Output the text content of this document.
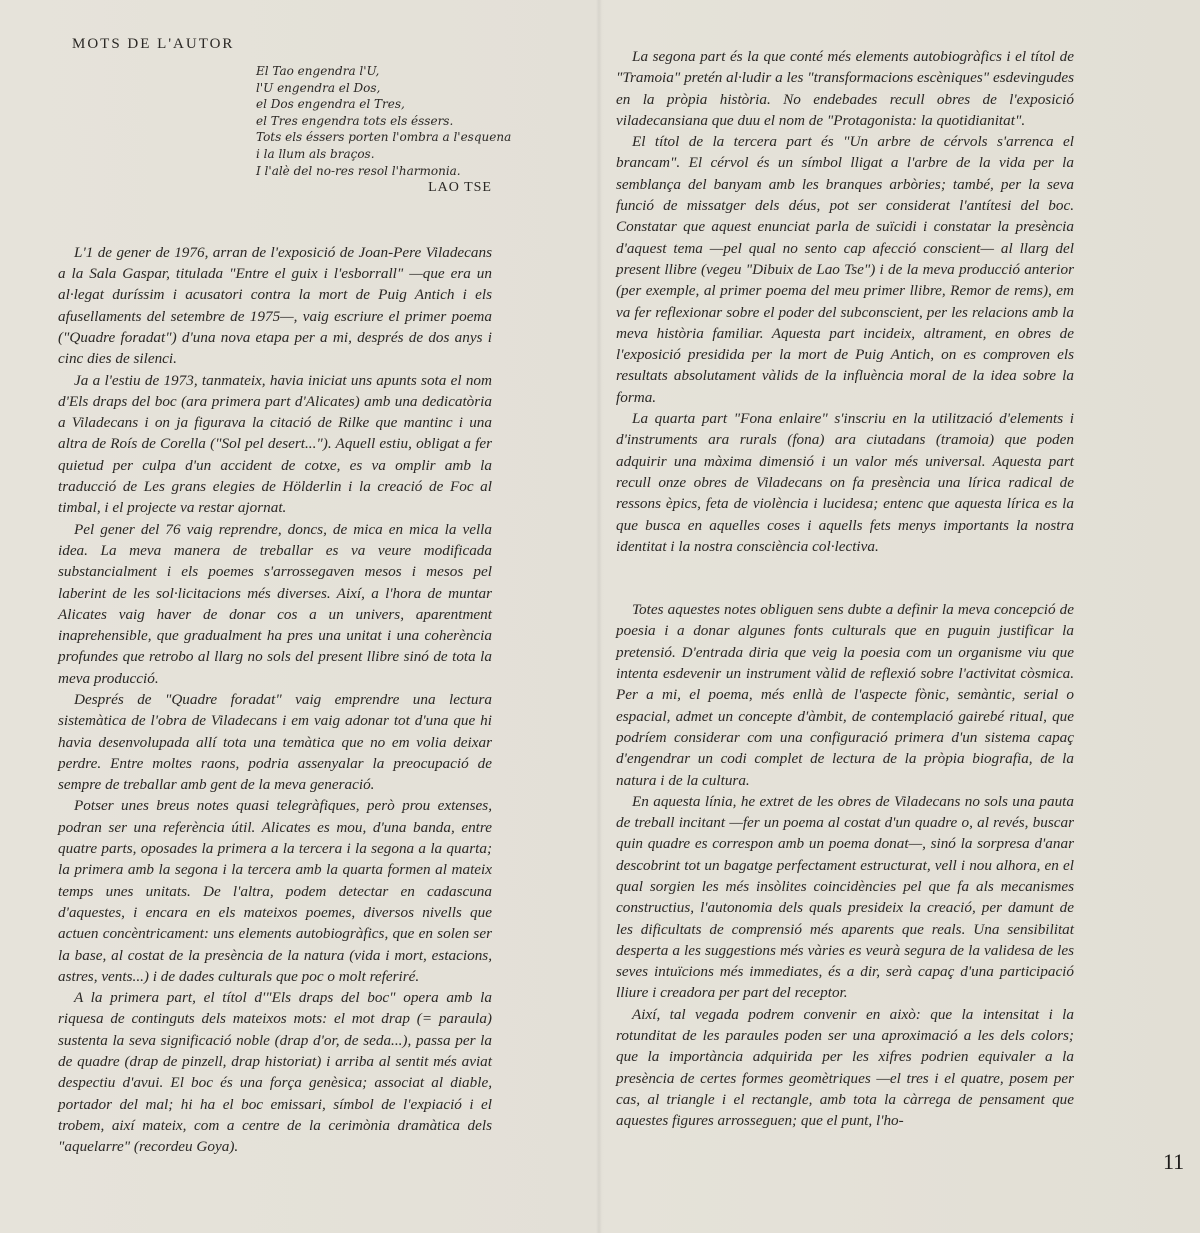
MOTS DE L'AUTOR
El Tao engendra l'U,
l'U engendra el Dos,
el Dos engendra el Tres,
el Tres engendra tots els éssers.
Tots els éssers porten l'ombra a l'esquena
i la llum als braços.
I l'alè del no-res resol l'harmonia.
LAO TSE

L'1 de gener de 1976, arran de l'exposició de Joan-Pere Viladecans a la Sala Gaspar, titulada "Entre el guix i l'esborrall" —que era un al·legat duríssim i acusatori contra la mort de Puig Antich i els afusellaments del setembre de 1975—, vaig escriure el primer poema ("Quadre foradat") d'una nova etapa per a mi, després de dos anys i cinc dies de silenci.

Ja a l'estiu de 1973, tanmateix, havia iniciat uns apunts sota el nom d'Els draps del boc (ara primera part d'Alicates) amb una dedicatòria a Viladecans i on ja figurava la citació de Rilke que mantinc i una altra de Roís de Corella ("Sol pel desert..."). Aquell estiu, obligat a fer quietud per culpa d'un accident de cotxe, es va omplir amb la traducció de Les grans elegies de Hölderlin i la creació de Foc al timbal, i el projecte va restar ajornat.

Pel gener del 76 vaig reprendre, doncs, de mica en mica la vella idea. La meva manera de treballar es va veure modificada substancialment i els poemes s'arrossegaven mesos i mesos pel laberint de les sol·licitacions més diverses. Així, a l'hora de muntar Alicates vaig haver de donar cos a un univers, aparentment inaprehensible, que gradualment ha pres una unitat i una coherència profundes que retrobo al llarg no sols del present llibre sinó de tota la meva producció.

Després de "Quadre foradat" vaig emprendre una lectura sistemàtica de l'obra de Viladecans i em vaig adonar tot d'una que hi havia desenvolupada allí tota una temàtica que no em volia deixar perdre. Entre moltes raons, podria assenyalar la preocupació de sempre de treballar amb gent de la meva generació.

Potser unes breus notes quasi telegràfiques, però prou extenses, podran ser una referència útil. Alicates es mou, d'una banda, entre quatre parts, oposades la primera a la tercera i la segona a la quarta; la primera amb la segona i la tercera amb la quarta formen al mateix temps unes unitats. De l'altra, podem detectar en cadascuna d'aquestes, i encara en els mateixos poemes, diversos nivells que actuen concèntricament: uns elements autobiogràfics, que en solen ser la base, al costat de la presència de la natura (vida i mort, estacions, astres, vents...) i de dades culturals que poc o molt referiré.

A la primera part, el títol d'"Els draps del boc" opera amb la riquesa de continguts dels mateixos mots: el mot drap (= paraula) sustenta la seva significació noble (drap d'or, de seda...), passa per la de quadre (drap de pinzell, drap historiat) i arriba al sentit més aviat despectiu d'avui. El boc és una força genèsica; associat al diable, portador del mal; hi ha el boc emissari, símbol de l'expiació i el trobem, així mateix, com a centre de la cerimònia dramàtica dels "aquelarre" (recordeu Goya).

La segona part és la que conté més elements autobiogràfics i el títol de "Tramoia" pretén al·ludir a les "transformacions escèniques" esdevingudes en la pròpia història. No endebades recull obres de l'exposició viladecansiana que duu el nom de "Protagonista: la quotidianitat".

El títol de la tercera part és "Un arbre de cérvols s'arrenca el brancam". El cérvol és un símbol lligat a l'arbre de la vida per la semblança del banyam amb les branques arbòries; també, per la seva funció de missatger dels déus, pot ser considerat l'antítesi del boc. Constatar que aquest enunciat parla de suïcidi i constatar la presència d'aquest tema —pel qual no sento cap afecció conscient— al llarg del present llibre (vegeu "Dibuix de Lao Tse") i de la meva producció anterior (per exemple, al primer poema del meu primer llibre, Remor de rems), em va fer reflexionar sobre el poder del subconscient, per les relacions amb la meva història familiar. Aquesta part incideix, altrament, en obres de l'exposició presidida per la mort de Puig Antich, on es comproven els resultats absolutament vàlids de la influència moral de la idea sobre la forma.

La quarta part "Fona enlaire" s'inscriu en la utilització d'elements i d'instruments ara rurals (fona) ara ciutadans (tramoia) que poden adquirir una màxima dimensió i un valor més universal. Aquesta part recull onze obres de Viladecans on fa presència una lírica radical de ressons èpics, feta de violència i lucidesa; entenc que aquesta lírica es la que busca en aquelles coses i aquells fets menys importants la nostra identitat i la nostra consciència col·lectiva.

Totes aquestes notes obliguen sens dubte a definir la meva concepció de poesia i a donar algunes fonts culturals que en puguin justificar la pretensió. D'entrada diria que veig la poesia com un organisme viu que intenta esdevenir un instrument vàlid de reflexió sobre l'activitat còsmica. Per a mi, el poema, més enllà de l'aspecte fònic, semàntic, serial o espacial, admet un concepte d'àmbit, de contemplació gairebé ritual, que podríem considerar com una configuració primera d'un sistema capaç d'engendrar un codi complet de lectura de la pròpia biografia, de la natura i de la cultura.

En aquesta línia, he extret de les obres de Viladecans no sols una pauta de treball incitant —fer un poema al costat d'un quadre o, al revés, buscar quin quadre es correspon amb un poema donat—, sinó la sorpresa d'anar descobrint tot un bagatge perfectament estructurat, vell i nou alhora, en el qual sorgien les més insòlites coincidències pel que fa als mecanismes constructius, l'autonomia dels quals presideix la creació, per damunt de les dificultats de comprensió més aparents que reals. Una sensibilitat desperta a les suggestions més vàries es veurà segura de la validesa de les seves intuïcions més immediates, és a dir, serà capaç d'una participació lliure i creadora per part del receptor.

Així, tal vegada podrem convenir en això: que la intensitat i la rotunditat de les paraules poden ser una aproximació a les dels colors; que la importància adquirida per les xifres podrien equivaler a la presència de certes formes geomètriques —el tres i el quatre, posem per cas, al triangle i el rectangle, amb tota la càrrega de pensament que aquestes figures arrosseguen; que el punt, l'ho-

11
